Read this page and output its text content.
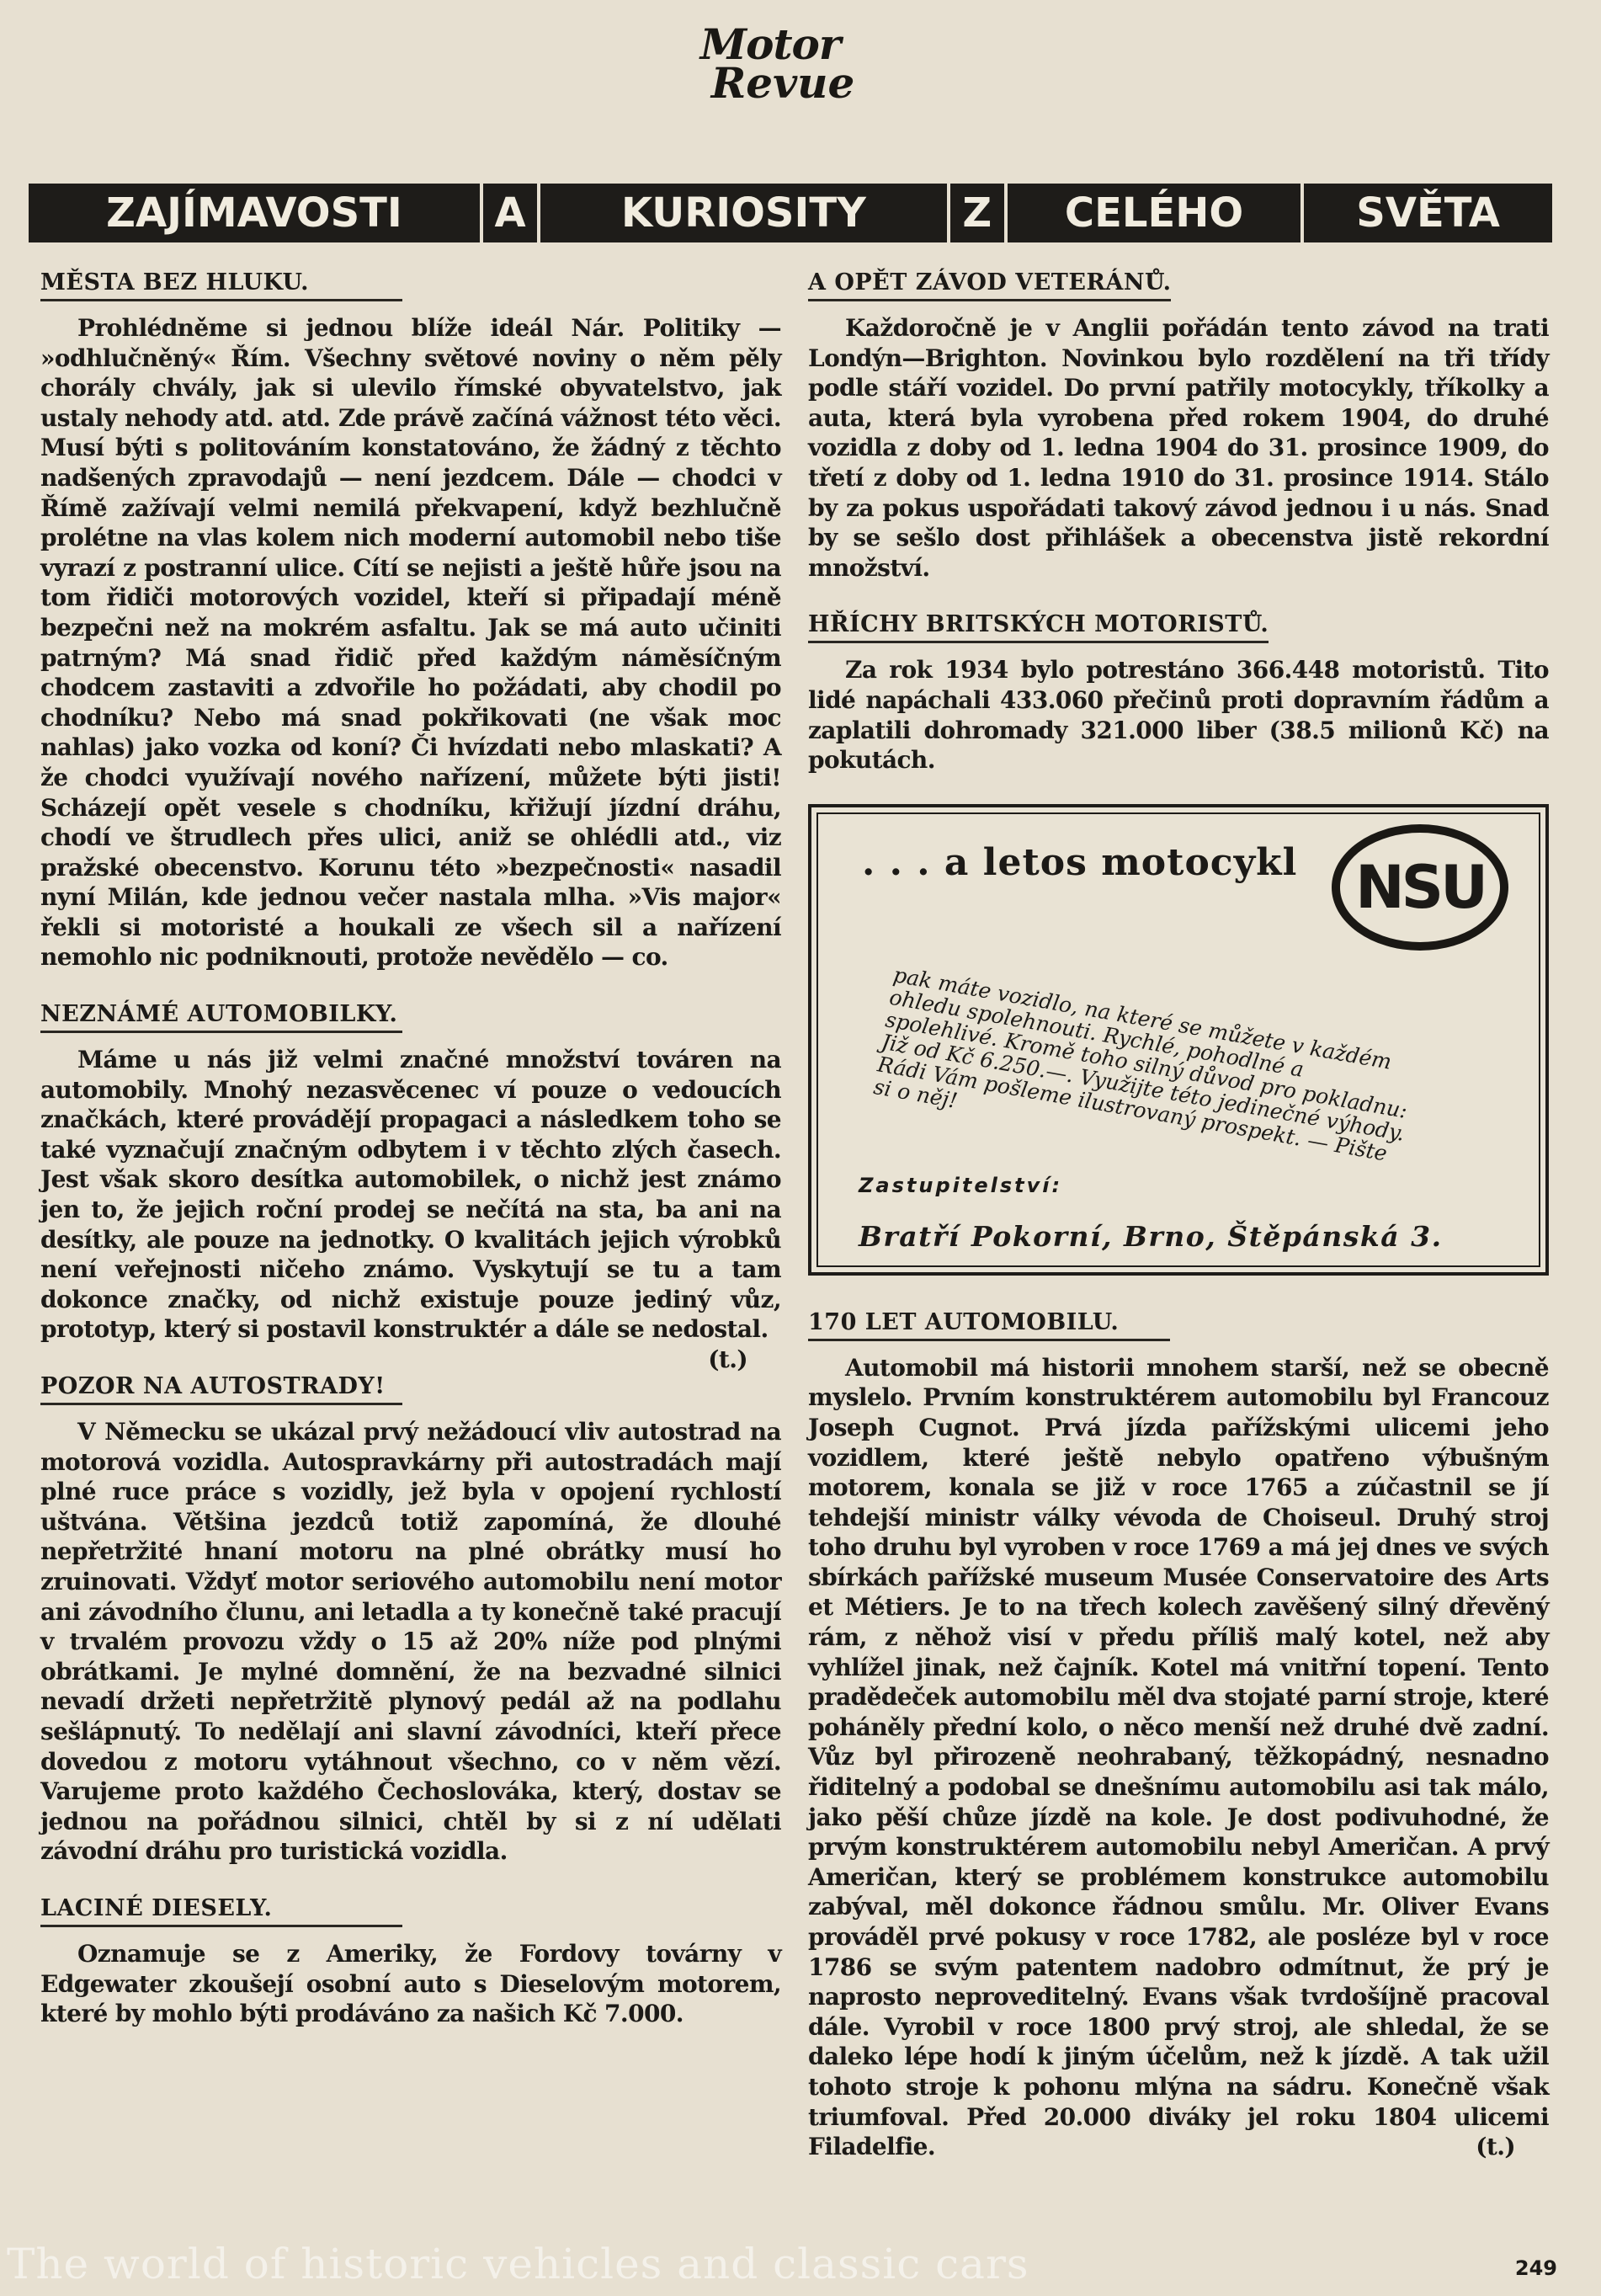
Motor
Revue
ZAJÍMAVOSTI	A	KURIOSITY	Z	CELÉHO	SVĚTA
MĚSTA BEZ HLUKU.

Prohlédněme si jednou blíže ideál Nár. Politiky — »odhlučněný« Řím. Všechny světové noviny o něm pěly chorály chvály, jak si ulevilo římské obyvatelstvo, jak ustaly nehody atd. atd. Zde právě začíná vážnost této věci. Musí býti s politováním konstatováno, že žádný z těchto nadšených zpravodajů — není jezdcem. Dále — chodci v Římě zažívají velmi nemilá překvapení, když bezhlučně prolétne na vlas kolem nich moderní automobil nebo tiše vyrazí z postranní ulice. Cítí se nejisti a ještě hůře jsou na tom řidiči motorových vozidel, kteří si připadají méně bezpečni než na mokrém asfaltu. Jak se má auto učiniti patrným? Má snad řidič před každým náměsíčným chodcem zastaviti a zdvořile ho požádati, aby chodil po chodníku? Nebo má snad pokřikovati (ne však moc nahlas) jako vozka od koní? Či hvízdati nebo mlaskati? A že chodci využívají nového nařízení, můžete býti jisti! Scházejí opět vesele s chodníku, křižují jízdní dráhu, chodí ve štrudlech přes ulici, aniž se ohlédli atd., viz pražské obecenstvo. Korunu této »bezpečnosti« nasadil nyní Milán, kde jednou večer nastala mlha. »Vis major« řekli si motoristé a houkali ze všech sil a nařízení nemohlo nic podniknouti, protože nevědělo — co.

NEZNÁMÉ AUTOMOBILKY.

Máme u nás již velmi značné množství továren na automobily. Mnohý nezasvěcenec ví pouze o vedoucích značkách, které provádějí propagaci a následkem toho se také vyznačují značným odbytem i v těchto zlých časech. Jest však skoro desítka automobilek, o nichž jest známo jen to, že jejich roční prodej se nečítá na sta, ba ani na desítky, ale pouze na jednotky. O kvalitách jejich výrobků není veřejnosti ničeho známo. Vyskytují se tu a tam dokonce značky, od nichž existuje pouze jediný vůz, prototyp, který si postavil konstruktér a dále se nedostal.
(t.)

POZOR NA AUTOSTRADY!

V Německu se ukázal prvý nežádoucí vliv autostrad na motorová vozidla. Autospravkárny při autostradách mají plné ruce práce s vozidly, jež byla v opojení rychlostí uštvána. Většina jezdců totiž zapomíná, že dlouhé nepřetržité hnaní motoru na plné obrátky musí ho zruinovati. Vždyť motor seriového automobilu není motor ani závodního člunu, ani letadla a ty konečně také pracují v trvalém provozu vždy o 15 až 20% níže pod plnými obrátkami. Je mylné domnění, že na bezvadné silnici nevadí držeti nepřetržitě plynový pedál až na podlahu sešlápnutý. To nedělají ani slavní závodníci, kteří přece dovedou z motoru vytáhnout všechno, co v něm vězí. Varujeme proto každého Čechoslováka, který, dostav se jednou na pořádnou silnici, chtěl by si z ní udělati závodní dráhu pro turistická vozidla.

LACINÉ DIESELY.

Oznamuje se z Ameriky, že Fordovy továrny v Edgewater zkoušejí osobní auto s Dieselovým motorem, které by mohlo býti prodáváno za našich Kč 7.000.

A OPĚT ZÁVOD VETERÁNŮ.

Každoročně je v Anglii pořádán tento závod na trati Londýn—Brighton. Novinkou bylo rozdělení na tři třídy podle stáří vozidel. Do první patřily motocykly, tříkolky a auta, která byla vyrobena před rokem 1904, do druhé vozidla z doby od 1. ledna 1904 do 31. prosince 1909, do třetí z doby od 1. ledna 1910 do 31. prosince 1914. Stálo by za pokus uspořádati takový závod jednou i u nás. Snad by se sešlo dost přihlášek a obecenstva jistě rekordní množství.

HŘÍCHY BRITSKÝCH MOTORISTŮ.

Za rok 1934 bylo potrestáno 366.448 motoristů. Tito lidé napáchali 433.060 přečinů proti dopravním řádům a zaplatili dohromady 321.000 liber (38.5 milionů Kč) na pokutách.

. . . a letos motocykl NSU
pak máte vozidlo, na které se můžete v každém ohledu spolehnouti. Rychlé, pohodlné a spolehlivé. Kromě toho silný důvod pro pokladnu: Již od Kč 6.250.—. Využijte této jedinečné výhody. Rádi Vám pošleme ilustrovaný prospekt. — Pište si o něj!
Zastupitelství:
Bratří Pokorní, Brno, Štěpánská 3.
170 LET AUTOMOBILU.

Automobil má historii mnohem starší, než se obecně myslelo. Prvním konstruktérem automobilu byl Francouz Joseph Cugnot. Prvá jízda pařížskými ulicemi jeho vozidlem, které ještě nebylo opatřeno výbušným motorem, konala se již v roce 1765 a zúčastnil se jí tehdejší ministr války vévoda de Choiseul. Druhý stroj toho druhu byl vyroben v roce 1769 a má jej dnes ve svých sbírkách pařížské museum Musée Conservatoire des Arts et Métiers. Je to na třech kolech zavěšený silný dřevěný rám, z něhož visí v předu příliš malý kotel, než aby vyhlížel jinak, než čajník. Kotel má vnitřní topení. Tento pradědeček automobilu měl dva stojaté parní stroje, které poháněly přední kolo, o něco menší než druhé dvě zadní. Vůz byl přirozeně neohrabaný, těžkopádný, nesnadno řiditelný a podobal se dnešnímu automobilu asi tak málo, jako pěší chůze jízdě na kole. Je dost podivuhodné, že prvým konstruktérem automobilu nebyl Američan. A prvý Američan, který se problémem konstrukce automobilu zabýval, měl dokonce řádnou smůlu. Mr. Oliver Evans prováděl prvé pokusy v roce 1782, ale posléze byl v roce 1786 se svým patentem nadobro odmítnut, že prý je naprosto neproveditelný. Evans však tvrdošíjně pracoval dále. Vyrobil v roce 1800 prvý stroj, ale shledal, že se daleko lépe hodí k jiným účelům, než k jízdě. A tak užil tohoto stroje k pohonu mlýna na sádru. Konečně však triumfoval. Před 20.000 diváky jel roku 1804 ulicemi Filadelfie.	(t.)

The world of historic vehicles and classic cars	249
